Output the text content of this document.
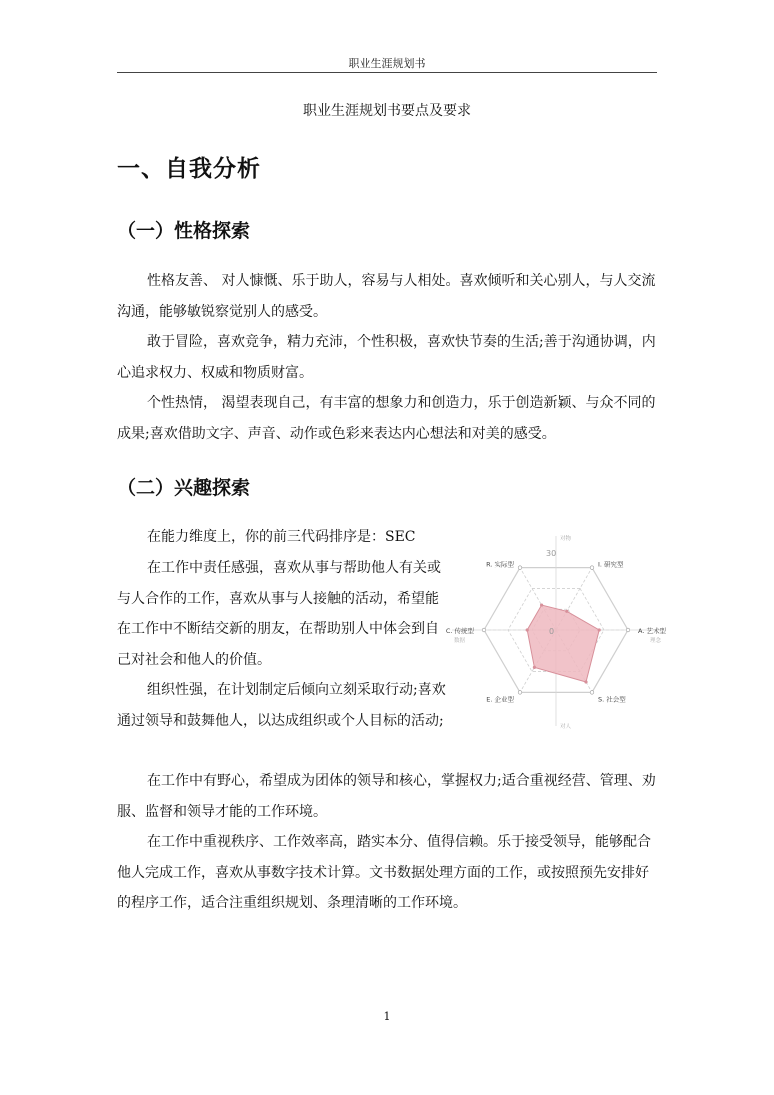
职业生涯规划书
职业生涯规划书要点及要求
一、自我分析
（一）性格探索

性格友善、 对人慷慨、乐于助人，容易与人相处。喜欢倾听和关心别人，与人交流沟通，能够敏锐察觉别人的感受。

敢于冒险，喜欢竞争，精力充沛，个性积极，喜欢快节奏的生活;善于沟通协调，内心追求权力、权威和物质财富。

个性热情， 渴望表现自己，有丰富的想象力和创造力，乐于创造新颖、与众不同的成果;喜欢借助文字、声音、动作或色彩来表达内心想法和对美的感受。

（二）兴趣探索

在能力维度上，你的前三代码排序是：SEC

在工作中责任感强，喜欢从事与帮助他人有关或与人合作的工作，喜欢从事与人接触的活动，希望能在工作中不断结交新的朋友，在帮助别人中体会到自己对社会和他人的价值。

组织性强，在计划制定后倾向立刻采取行动;喜欢通过领导和鼓舞他人，以达成组织或个人目标的活动;

在工作中有野心，希望成为团体的领导和核心，掌握权力;适合重视经营、管理、劝服、监督和领导才能的工作环境。

在工作中重视秩序、工作效率高，踏实本分、值得信赖。乐于接受领导，能够配合他人完成工作，喜欢从事数字技术计算。文书数据处理方面的工作，或按照预先安排好的程序工作，适合注重组织规划、条理清晰的工作环境。

I. 研究型
A. 艺术型
S. 社会型
E. 企业型
C. 传统型
R. 实际型
对物
理念
对人
数据
0
30
1
